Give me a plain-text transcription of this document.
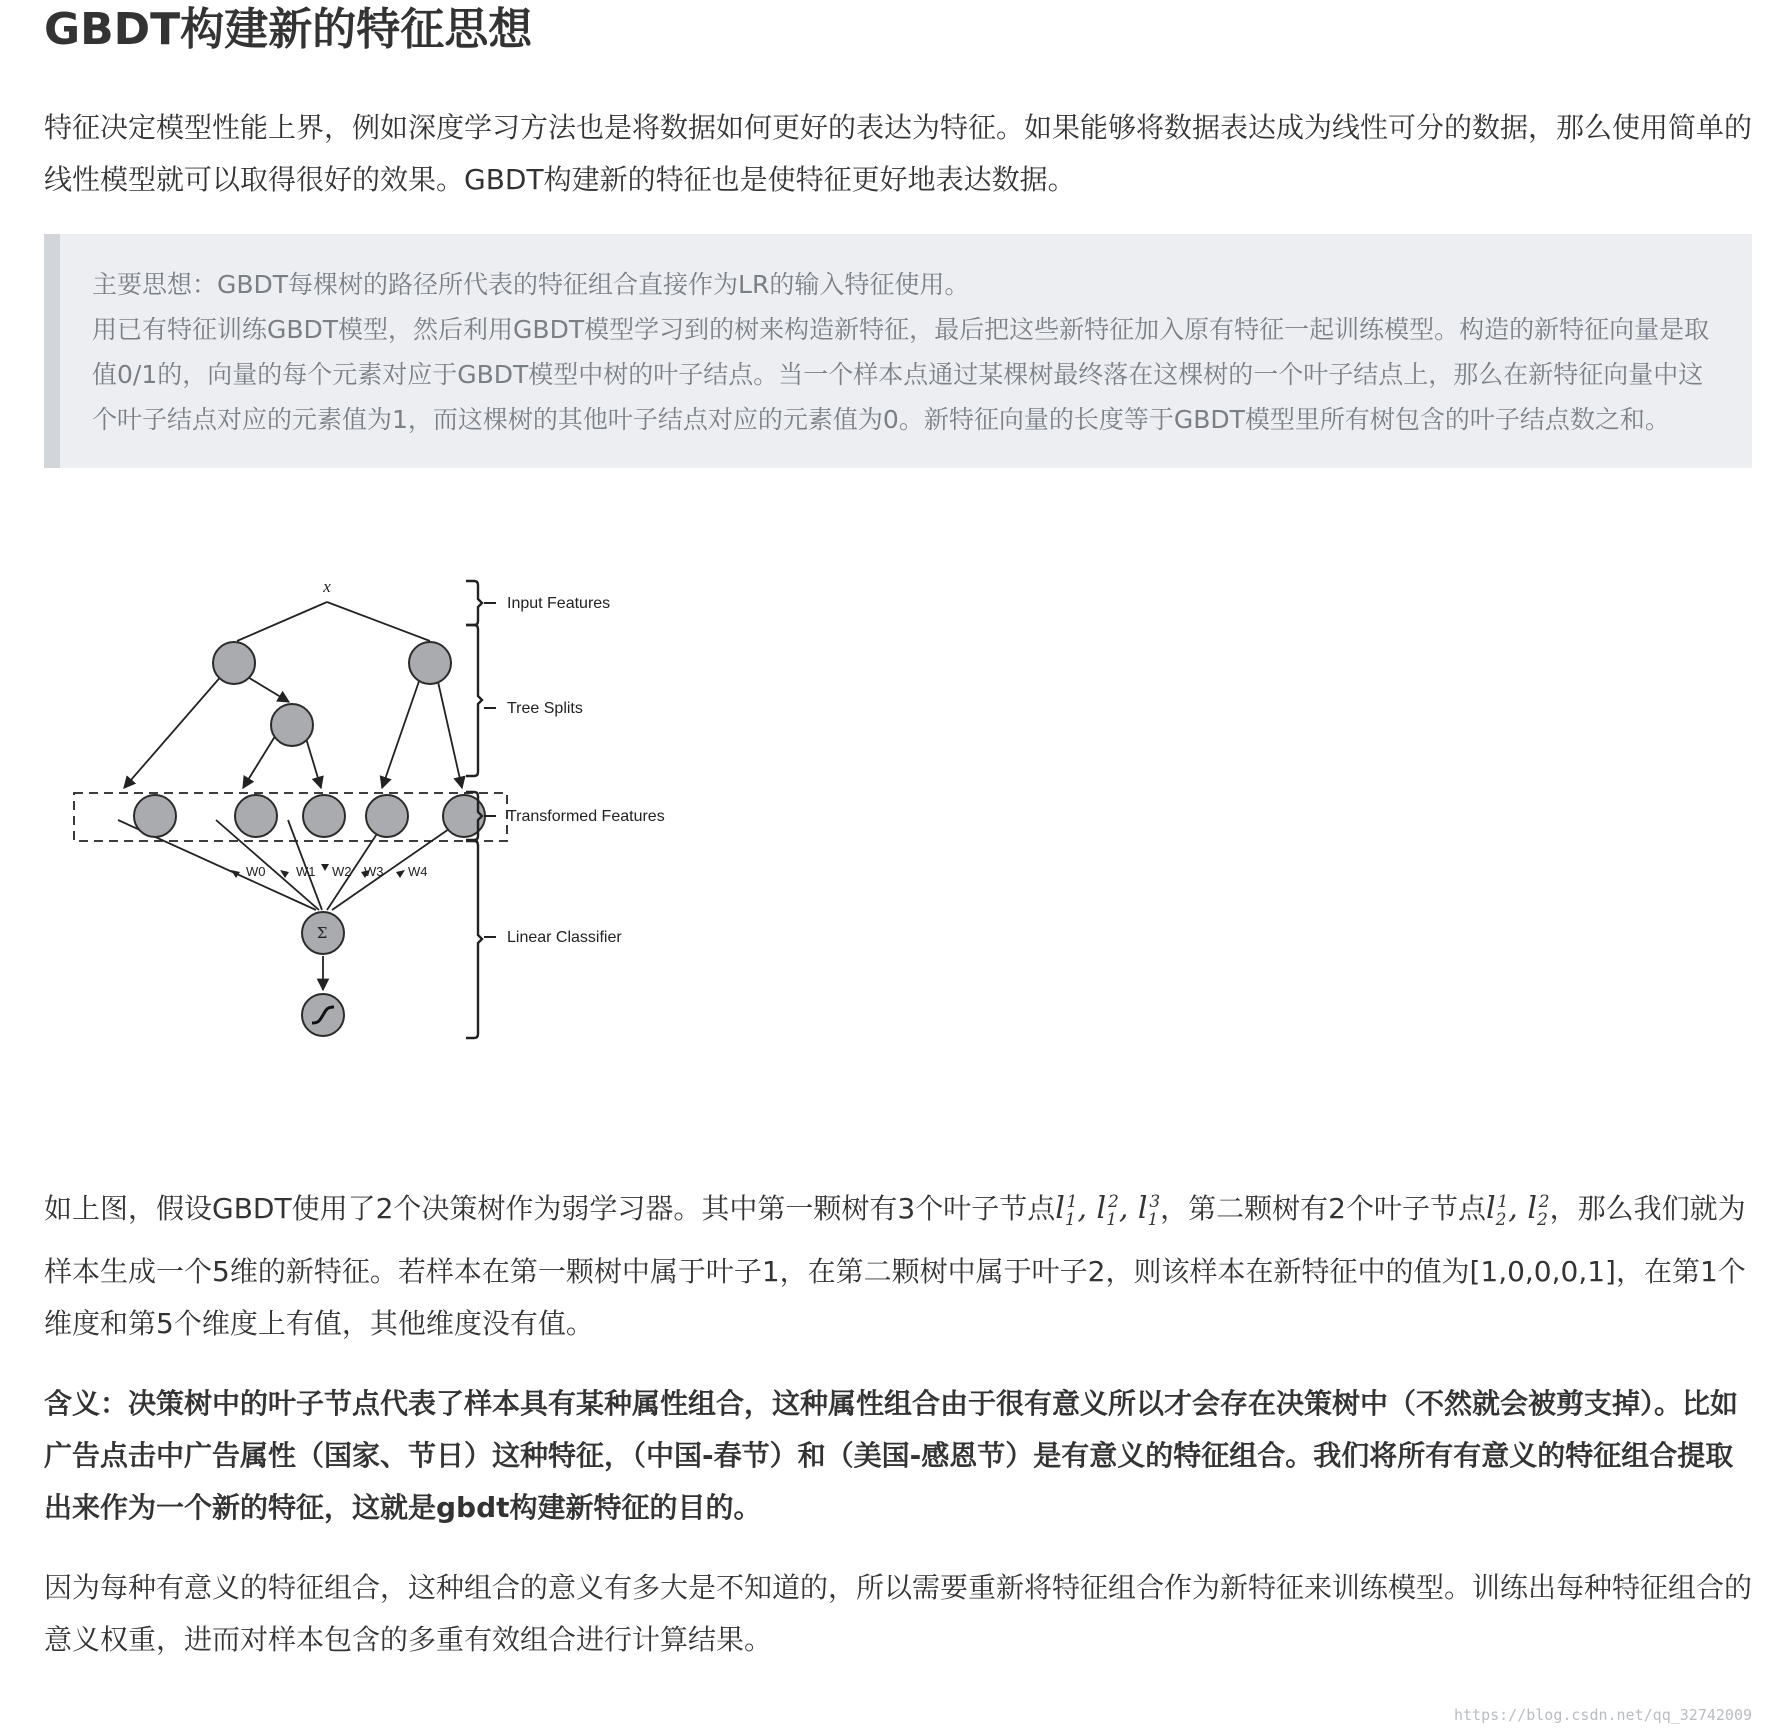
GBDT构建新的特征思想

特征决定模型性能上界，例如深度学习方法也是将数据如何更好的表达为特征。如果能够将数据表达成为线性可分的数据，那么使用简单的线性模型就可以取得很好的效果。GBDT构建新的特征也是使特征更好地表达数据。

主要思想：GBDT每棵树的路径所代表的特征组合直接作为LR的输入特征使用。

用已有特征训练GBDT模型，然后利用GBDT模型学习到的树来构造新特征，最后把这些新特征加入原有特征一起训练模型。构造的新特征向量是取值0/1的，向量的每个元素对应于GBDT模型中树的叶子结点。当一个样本点通过某棵树最终落在这棵树的一个叶子结点上，那么在新特征向量中这个叶子结点对应的元素值为1，而这棵树的其他叶子结点对应的元素值为0。新特征向量的长度等于GBDT模型里所有树包含的叶子结点数之和。

x
W0 W1 W2 W3 W4
Σ
Input Features
Tree Splits
Transformed Features
Linear Classifier

如上图，假设GBDT使用了2个决策树作为弱学习器。其中第一颗树有3个叶子节点$l_1^1$, $l_1^2$, $l_1^3$，第二颗树有2个叶子节点$l_2^1$, $l_2^2$，那么我们就为样本生成一个5维的新特征。若样本在第一颗树中属于叶子1，在第二颗树中属于叶子2，则该样本在新特征中的值为[1,0,0,0,1]，在第1个维度和第5个维度上有值，其他维度没有值。

含义：决策树中的叶子节点代表了样本具有某种属性组合，这种属性组合由于很有意义所以才会存在决策树中（不然就会被剪支掉）。比如广告点击中广告属性（国家、节日）这种特征，（中国-春节）和（美国-感恩节）是有意义的特征组合。我们将所有有意义的特征组合提取出来作为一个新的特征，这就是gbdt构建新特征的目的。

因为每种有意义的特征组合，这种组合的意义有多大是不知道的，所以需要重新将特征组合作为新特征来训练模型。训练出每种特征组合的意义权重，进而对样本包含的多重有效组合进行计算结果。

https://blog.csdn.net/qq_32742009
